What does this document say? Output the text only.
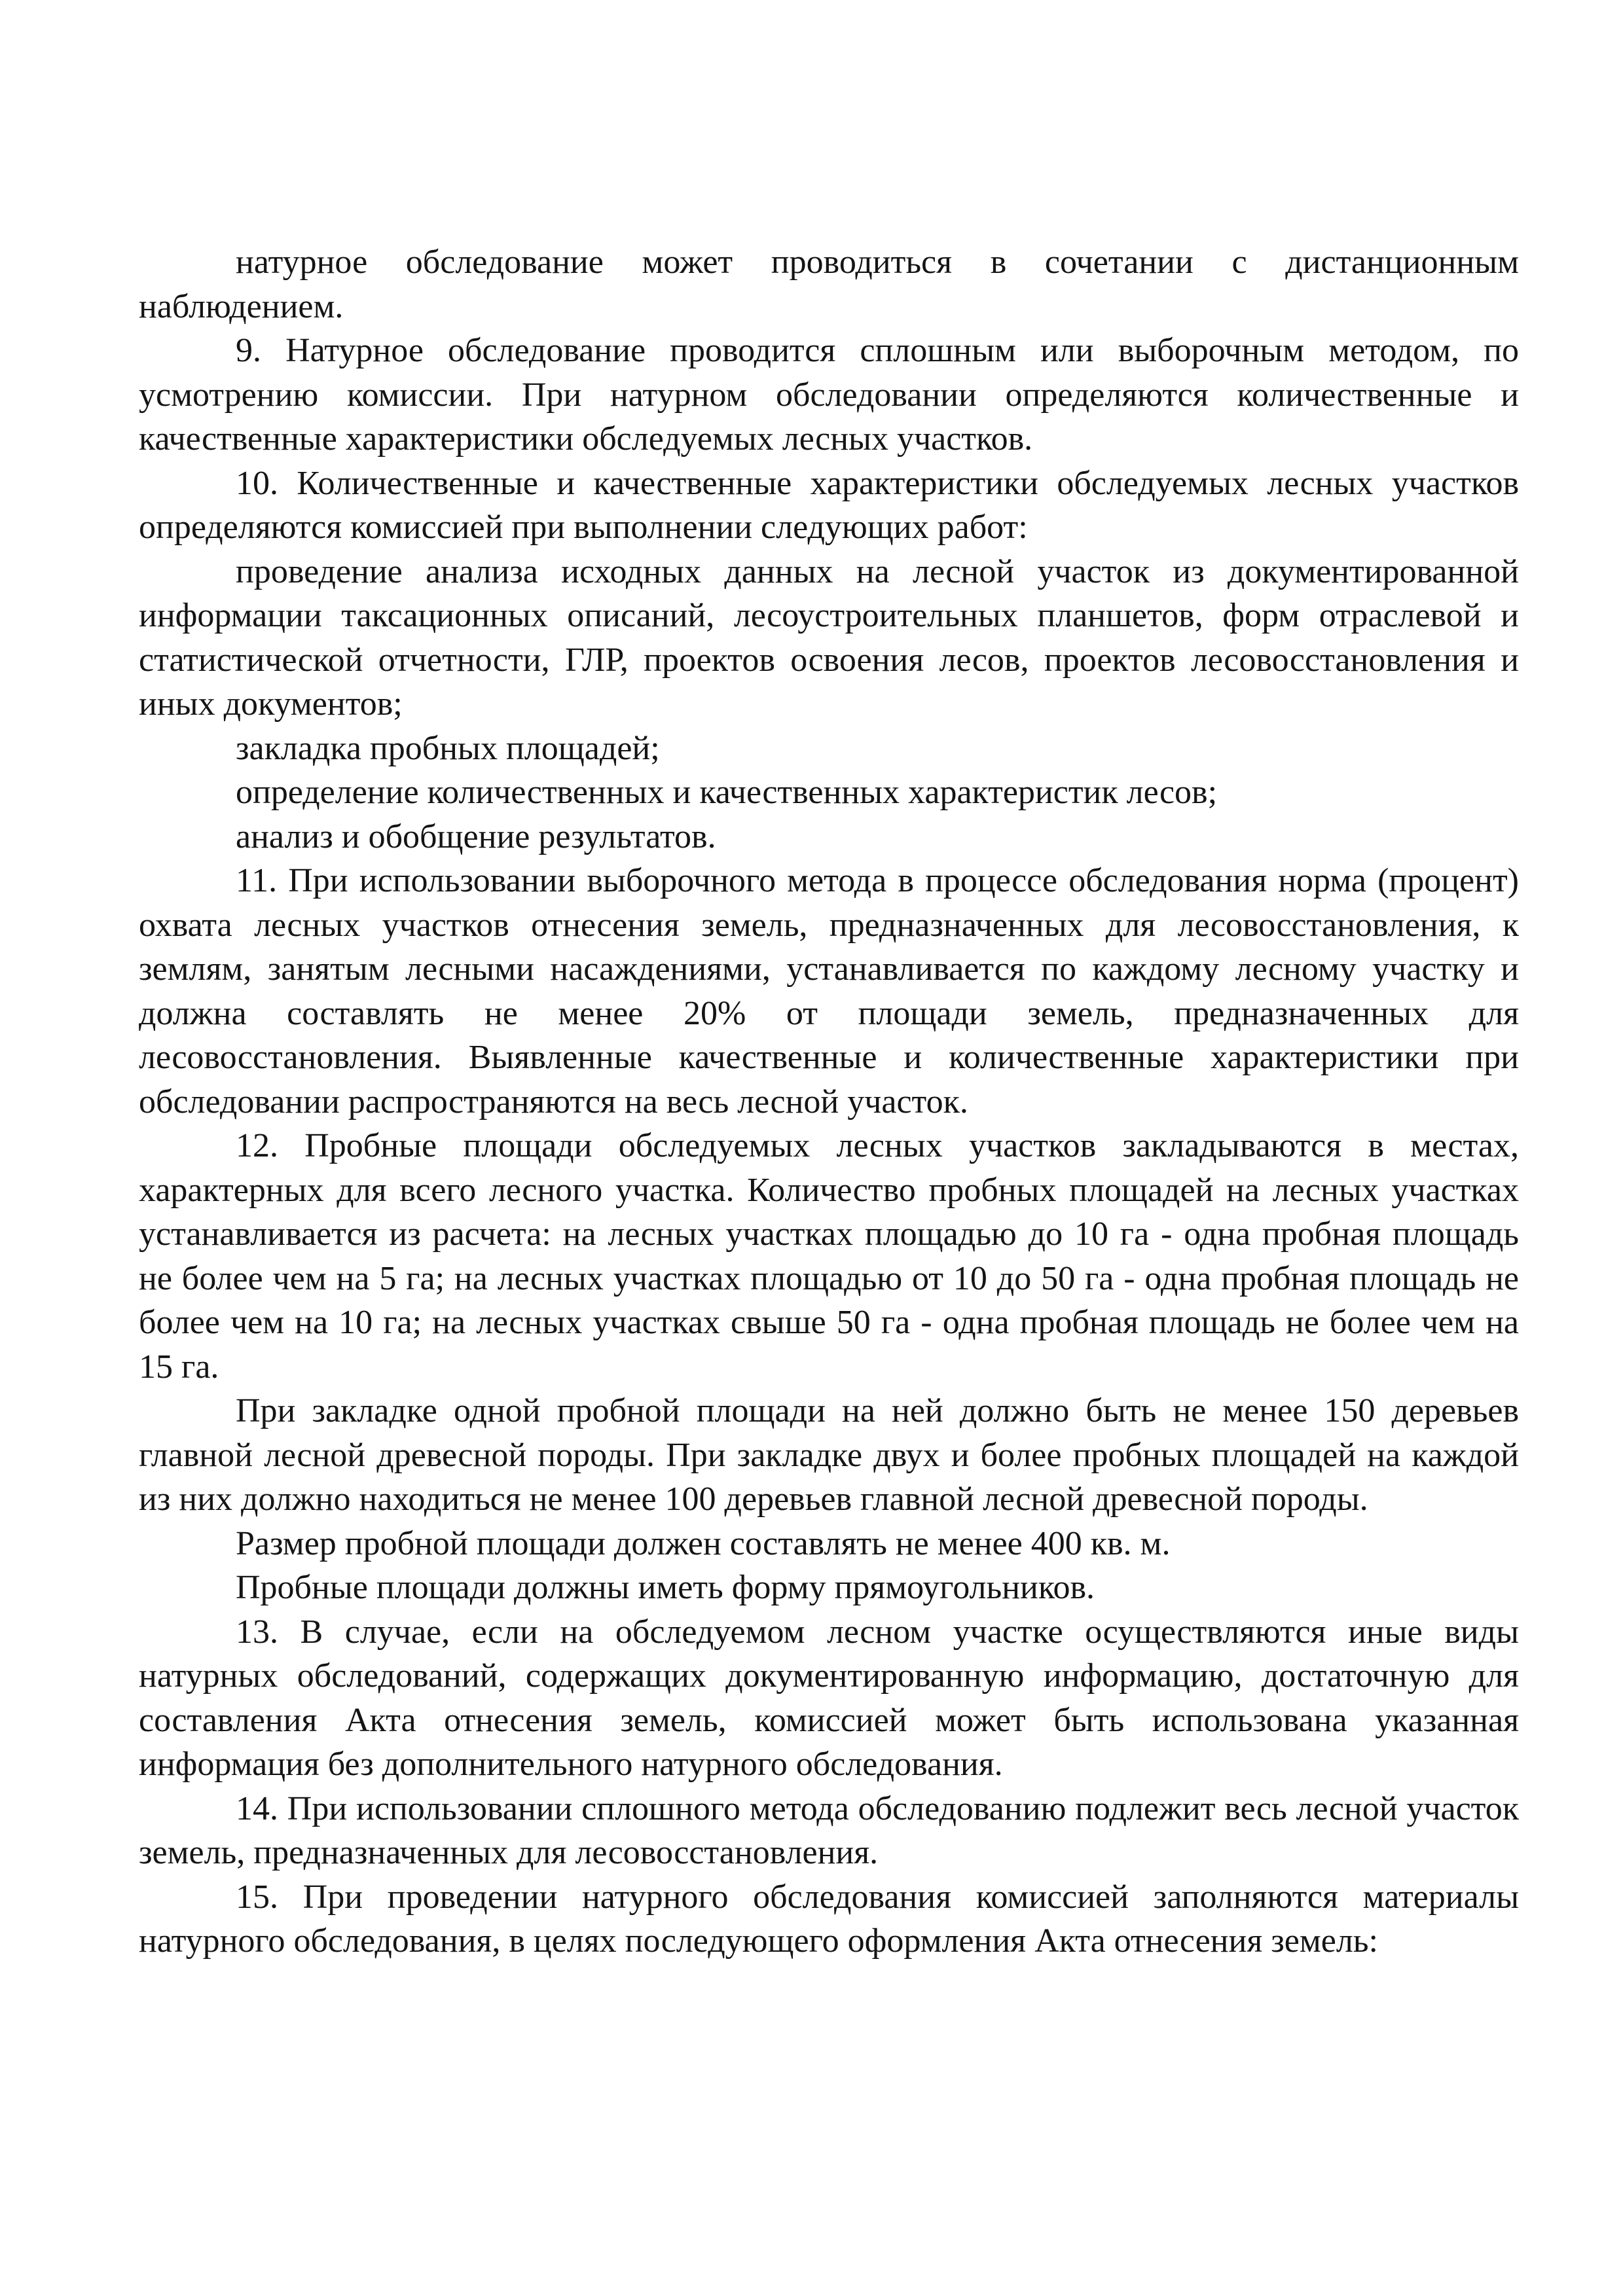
натурное обследование может проводиться в сочетании с дистанционным наблюдением.

9. Натурное обследование проводится сплошным или выборочным методом, по усмотрению комиссии. При натурном обследовании определяются количественные и качественные характеристики обследуемых лесных участков.

10. Количественные и качественные характеристики обследуемых лесных участков определяются комиссией при выполнении следующих работ:

проведение анализа исходных данных на лесной участок из документированной информации таксационных описаний, лесоустроительных планшетов, форм отраслевой и статистической отчетности, ГЛР, проектов освоения лесов, проектов лесовосстановления и иных документов;

закладка пробных площадей;

определение количественных и качественных характеристик лесов;

анализ и обобщение результатов.

11. При использовании выборочного метода в процессе обследования норма (процент) охвата лесных участков отнесения земель, предназначенных для лесовосстановления, к землям, занятым лесными насаждениями, устанавливается по каждому лесному участку и должна составлять не менее 20% от площади земель, предназначенных для лесовосстановления. Выявленные качественные и количественные характеристики при обследовании распространяются на весь лесной участок.

12. Пробные площади обследуемых лесных участков закладываются в местах, характерных для всего лесного участка. Количество пробных площадей на лесных участках устанавливается из расчета: на лесных участках площадью до 10 га - одна пробная площадь не более чем на 5 га; на лесных участках площадью от 10 до 50 га - одна пробная площадь не более чем на 10 га; на лесных участках свыше 50 га - одна пробная площадь не более чем на 15 га.

При закладке одной пробной площади на ней должно быть не менее 150 деревьев главной лесной древесной породы. При закладке двух и более пробных площадей на каждой из них должно находиться не менее 100 деревьев главной лесной древесной породы.

Размер пробной площади должен составлять не менее 400 кв. м.

Пробные площади должны иметь форму прямоугольников.

13. В случае, если на обследуемом лесном участке осуществляются иные виды натурных обследований, содержащих документированную информацию, достаточную для составления Акта отнесения земель, комиссией может быть использована указанная информация без дополнительного натурного обследования.

14. При использовании сплошного метода обследованию подлежит весь лесной участок земель, предназначенных для лесовосстановления.

15. При проведении натурного обследования комиссией заполняются материалы натурного обследования, в целях последующего оформления Акта отнесения земель:
